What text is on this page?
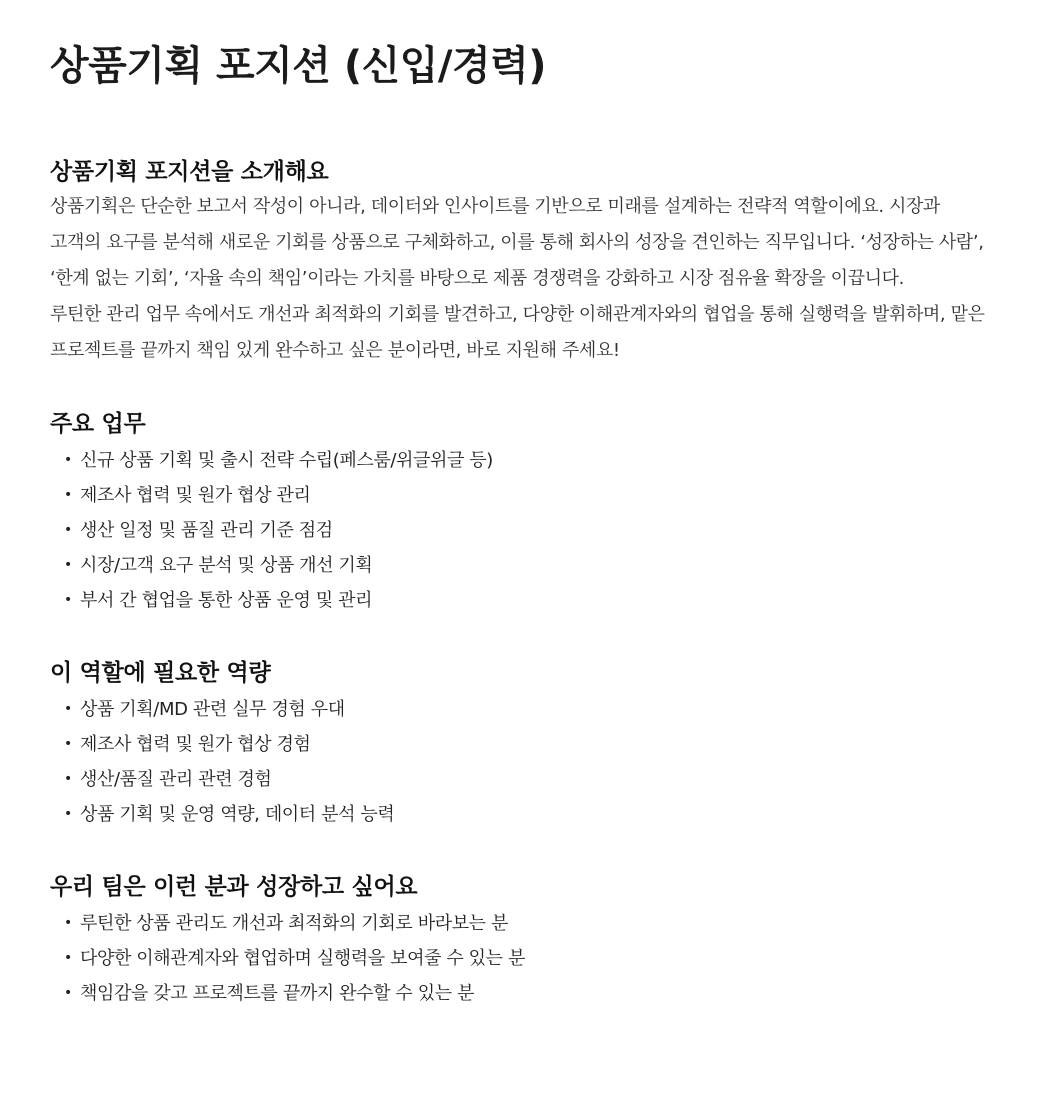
상품기획 포지션 (신입/경력)
상품기획 포지션을 소개해요

상품기획은 단순한 보고서 작성이 아니라, 데이터와 인사이트를 기반으로 미래를 설계하는 전략적 역할이에요. 시장과 고객의 요구를 분석해 새로운 기회를 상품으로 구체화하고, 이를 통해 회사의 성장을 견인하는 직무입니다. ‘성장하는 사람’, ‘한계 없는 기회’, ‘자율 속의 책임’이라는 가치를 바탕으로 제품 경쟁력을 강화하고 시장 점유율 확장을 이끕니다.

루틴한 관리 업무 속에서도 개선과 최적화의 기회를 발견하고, 다양한 이해관계자와의 협업을 통해 실행력을 발휘하며, 맡은 프로젝트를 끝까지 책임 있게 완수하고 싶은 분이라면, 바로 지원해 주세요!

주요 업무
• 신규 상품 기획 및 출시 전략 수립(페스룸/위글위글 등)
• 제조사 협력 및 원가 협상 관리
• 생산 일정 및 품질 관리 기준 점검
• 시장/고객 요구 분석 및 상품 개선 기획
• 부서 간 협업을 통한 상품 운영 및 관리
이 역할에 필요한 역량
• 상품 기획/MD 관련 실무 경험 우대
• 제조사 협력 및 원가 협상 경험
• 생산/품질 관리 관련 경험
• 상품 기획 및 운영 역량, 데이터 분석 능력
우리 팀은 이런 분과 성장하고 싶어요
• 루틴한 상품 관리도 개선과 최적화의 기회로 바라보는 분
• 다양한 이해관계자와 협업하며 실행력을 보여줄 수 있는 분
• 책임감을 갖고 프로젝트를 끝까지 완수할 수 있는 분
